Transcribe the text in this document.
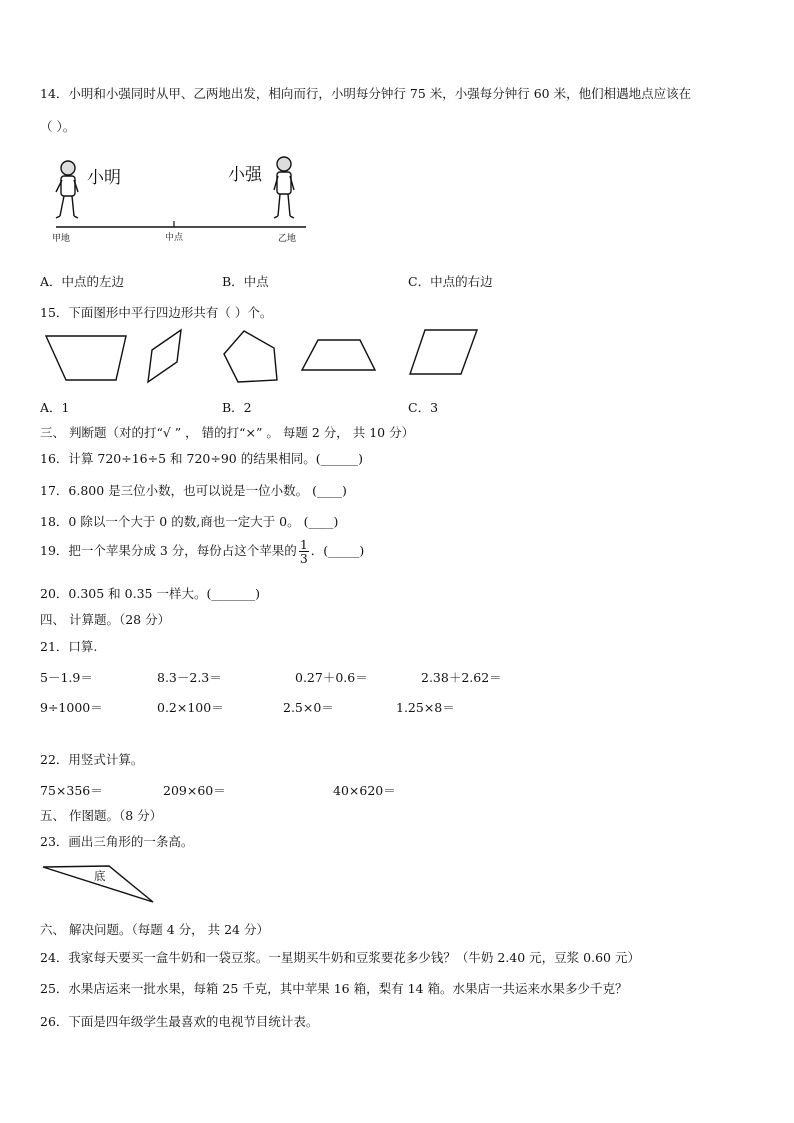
14．小明和小强同时从甲、乙两地出发，相向而行，小明每分钟行 75 米，小强每分钟行 60 米，他们相遇地点应该在
（ ）。
小明	小强
甲地	中点	乙地
A．中点的左边	B．中点	C．中点的右边
15．下面图形中平行四边形共有（ ）个。
A．1	B．2	C．3
三、 判断题（对的打“√ ” ， 错的打“×” 。 每题 2 分， 共 10 分）
16．计算 720÷16÷5 和 720÷90 的结果相同。(______)
17．6.800 是三位小数，也可以说是一位小数。 (____)
18．0 除以一个大于 0 的数,商也一定大于 0。 (____)
19．把一个苹果分成 3 分，每份占这个苹果的 $\frac{1}{3}$ ．(_____)
20．0.305 和 0.35 一样大。(_______)
四、 计算题。（28 分）
21．口算.
5－1.9＝	8.3－2.3＝	0.27＋0.6＝	2.38＋2.62＝
9÷1000＝	0.2×100＝	2.5×0＝	1.25×8＝
22．用竖式计算。
75×356＝	209×60＝	40×620＝
五、 作图题。（8 分）
23．画出三角形的一条高。
底
六、 解决问题。（每题 4 分， 共 24 分）
24．我家每天要买一盒牛奶和一袋豆浆。一星期买牛奶和豆浆要花多少钱？（牛奶 2.40 元，豆浆 0.60 元）
25．水果店运来一批水果，每箱 25 千克，其中苹果 16 箱，梨有 14 箱。水果店一共运来水果多少千克？
26．下面是四年级学生最喜欢的电视节目统计表。
